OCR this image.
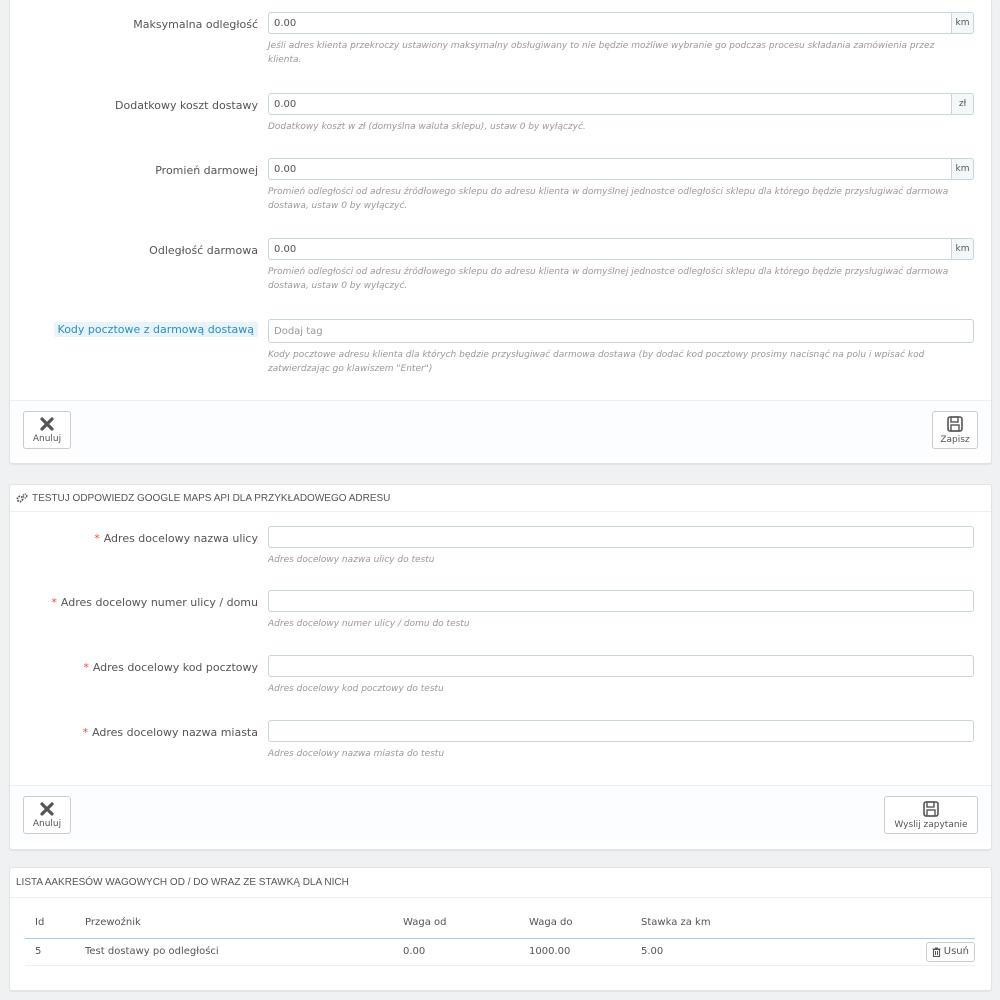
Maksymalna odległość
0.00	km
Jeśli adres klienta przekroczy ustawiony maksymalny obsługiwany to nie będzie możliwe wybranie go podczas procesu składania zamówienia przez klienta.
Dodatkowy koszt dostawy
0.00	zł
Dodatkowy koszt w zł (domyślna waluta sklepu), ustaw 0 by wyłączyć.
Promień darmowej
0.00	km
Promień odległości od adresu źródłowego sklepu do adresu klienta w domyślnej jednostce odległości sklepu dla którego będzie przysługiwać darmowa dostawa, ustaw 0 by wyłączyć.
Odległość darmowa
0.00	km
Promień odległości od adresu źródłowego sklepu do adresu klienta w domyślnej jednostce odległości sklepu dla którego będzie przysługiwać darmowa dostawa, ustaw 0 by wyłączyć.
Kody pocztowe z darmową dostawą
Dodaj tag
Kody pocztowe adresu klienta dla których będzie przysługiwać darmowa dostawa (by dodać kod pocztowy prosimy nacisnąć na polu i wpisać kod zatwierdzając go klawiszem "Enter")
Anuluj	Zapisz
TESTUJ ODPOWIEDZ GOOGLE MAPS API DLA PRZYKŁADOWEGO ADRESU
* Adres docelowy nazwa ulicy
Adres docelowy nazwa ulicy do testu
* Adres docelowy numer ulicy / domu
Adres docelowy numer ulicy / domu do testu
* Adres docelowy kod pocztowy
Adres docelowy kod pocztowy do testu
* Adres docelowy nazwa miasta
Adres docelowy nazwa miasta do testu
Anuluj	Wyslij zapytanie
LISTA AAKRESÓW WAGOWYCH OD / DO WRAZ ZE STAWKĄ DLA NICH
Id	Przewoźnik	Waga od	Waga do	Stawka za km	
5	Test dostawy po odległości	0.00	1000.00	5.00	Usuń
